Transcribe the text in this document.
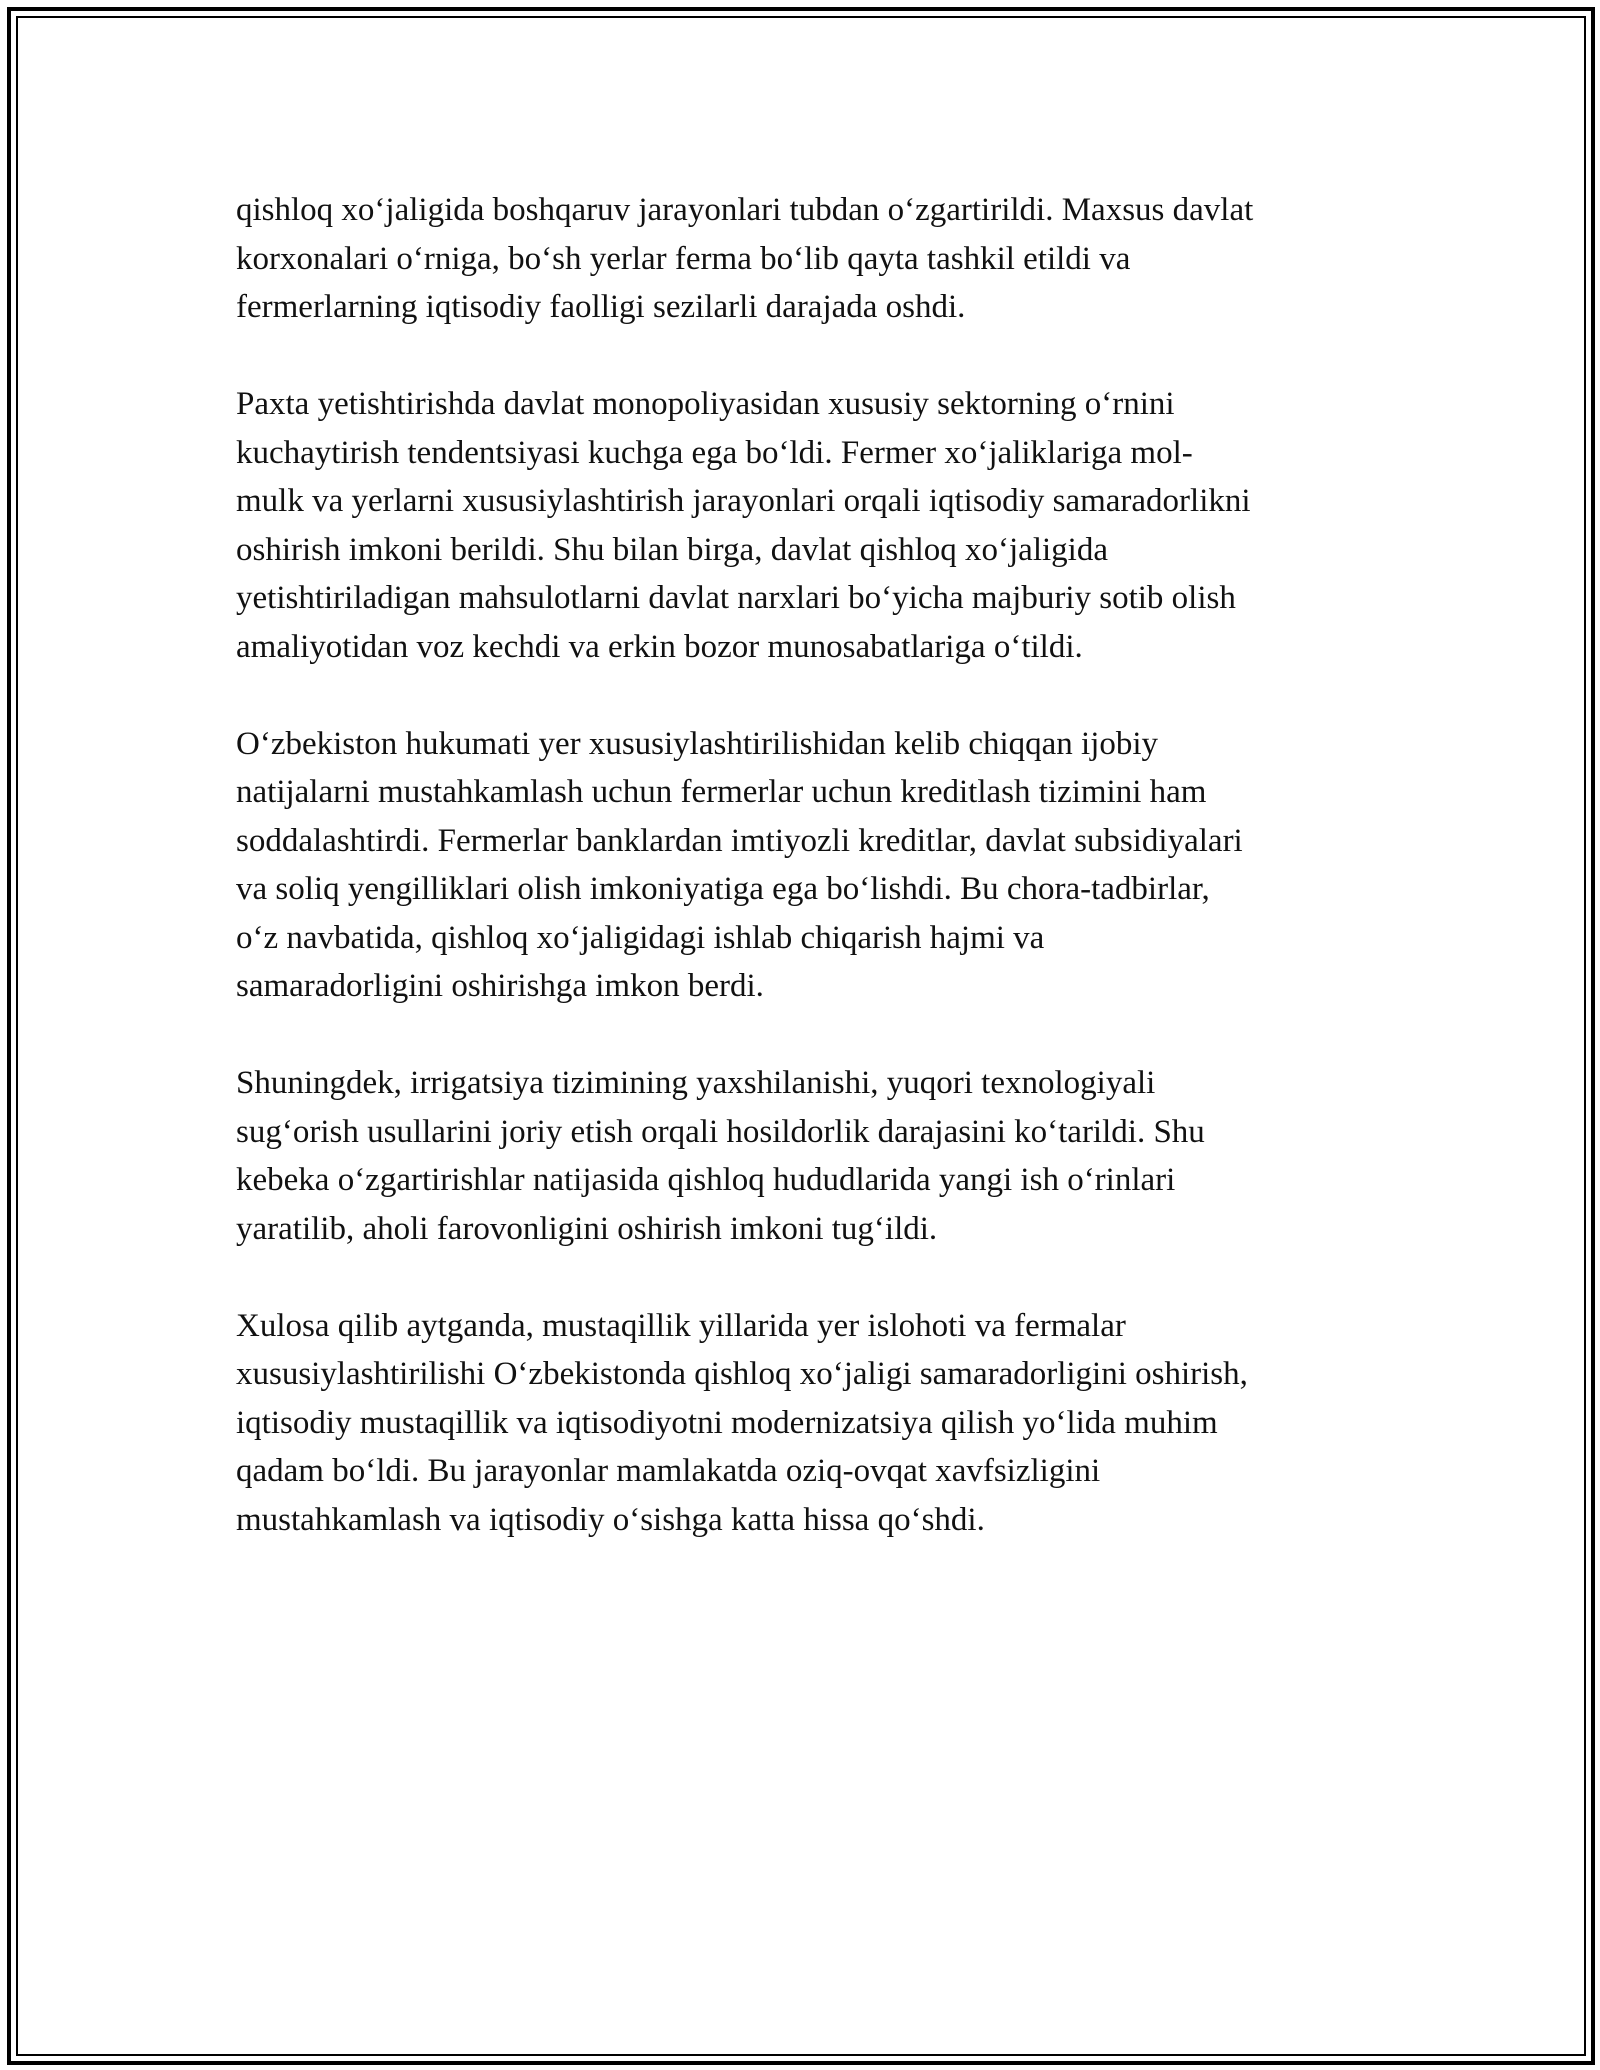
qishloq xo‘jaligida boshqaruv jarayonlari tubdan o‘zgartirildi. Maxsus davlat
korxonalari o‘rniga, bo‘sh yerlar ferma bo‘lib qayta tashkil etildi va
fermerlarning iqtisodiy faolligi sezilarli darajada oshdi.

Paxta yetishtirishda davlat monopoliyasidan xususiy sektorning o‘rnini
kuchaytirish tendentsiyasi kuchga ega bo‘ldi. Fermer xo‘jaliklariga mol-
mulk va yerlarni xususiylashtirish jarayonlari orqali iqtisodiy samaradorlikni
oshirish imkoni berildi. Shu bilan birga, davlat qishloq xo‘jaligida
yetishtiriladigan mahsulotlarni davlat narxlari bo‘yicha majburiy sotib olish
amaliyotidan voz kechdi va erkin bozor munosabatlariga o‘tildi.

O‘zbekiston hukumati yer xususiylashtirilishidan kelib chiqqan ijobiy
natijalarni mustahkamlash uchun fermerlar uchun kreditlash tizimini ham
soddalashtirdi. Fermerlar banklardan imtiyozli kreditlar, davlat subsidiyalari
va soliq yengilliklari olish imkoniyatiga ega bo‘lishdi. Bu chora-tadbirlar,
o‘z navbatida, qishloq xo‘jaligidagi ishlab chiqarish hajmi va
samaradorligini oshirishga imkon berdi.

Shuningdek, irrigatsiya tizimining yaxshilanishi, yuqori texnologiyali
sug‘orish usullarini joriy etish orqali hosildorlik darajasini ko‘tarildi. Shu
kebeka o‘zgartirishlar natijasida qishloq hududlarida yangi ish o‘rinlari
yaratilib, aholi farovonligini oshirish imkoni tug‘ildi.

Xulosa qilib aytganda, mustaqillik yillarida yer islohoti va fermalar
xususiylashtirilishi O‘zbekistonda qishloq xo‘jaligi samaradorligini oshirish,
iqtisodiy mustaqillik va iqtisodiyotni modernizatsiya qilish yo‘lida muhim
qadam bo‘ldi. Bu jarayonlar mamlakatda oziq-ovqat xavfsizligini
mustahkamlash va iqtisodiy o‘sishga katta hissa qo‘shdi.
